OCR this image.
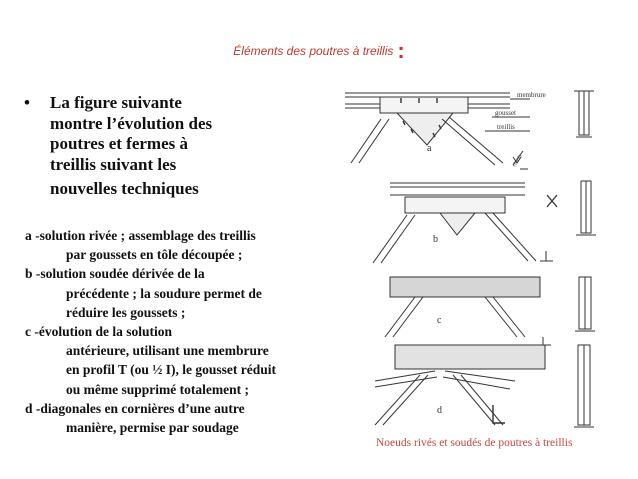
Éléments des poutres à treillis :
• La figure suivante
montre l’évolution des
poutres et fermes à
treillis suivant les
nouvelles techniques
a -solution rivée ; assemblage des treillis
par goussets en tôle découpée ;
b -solution soudée dérivée de la
précédente ; la soudure permet de
réduire les goussets ;
c -évolution de la solution
antérieure, utilisant une membrure
en profil T (ou ½ I), le gousset réduit
ou même supprimé totalement ;
d -diagonales en cornières d’une autre
manière, permise par soudage
membrure
gousset
treillis
rivets
a
b
c
d
Noeuds rivés et soudés de poutres à treillis
